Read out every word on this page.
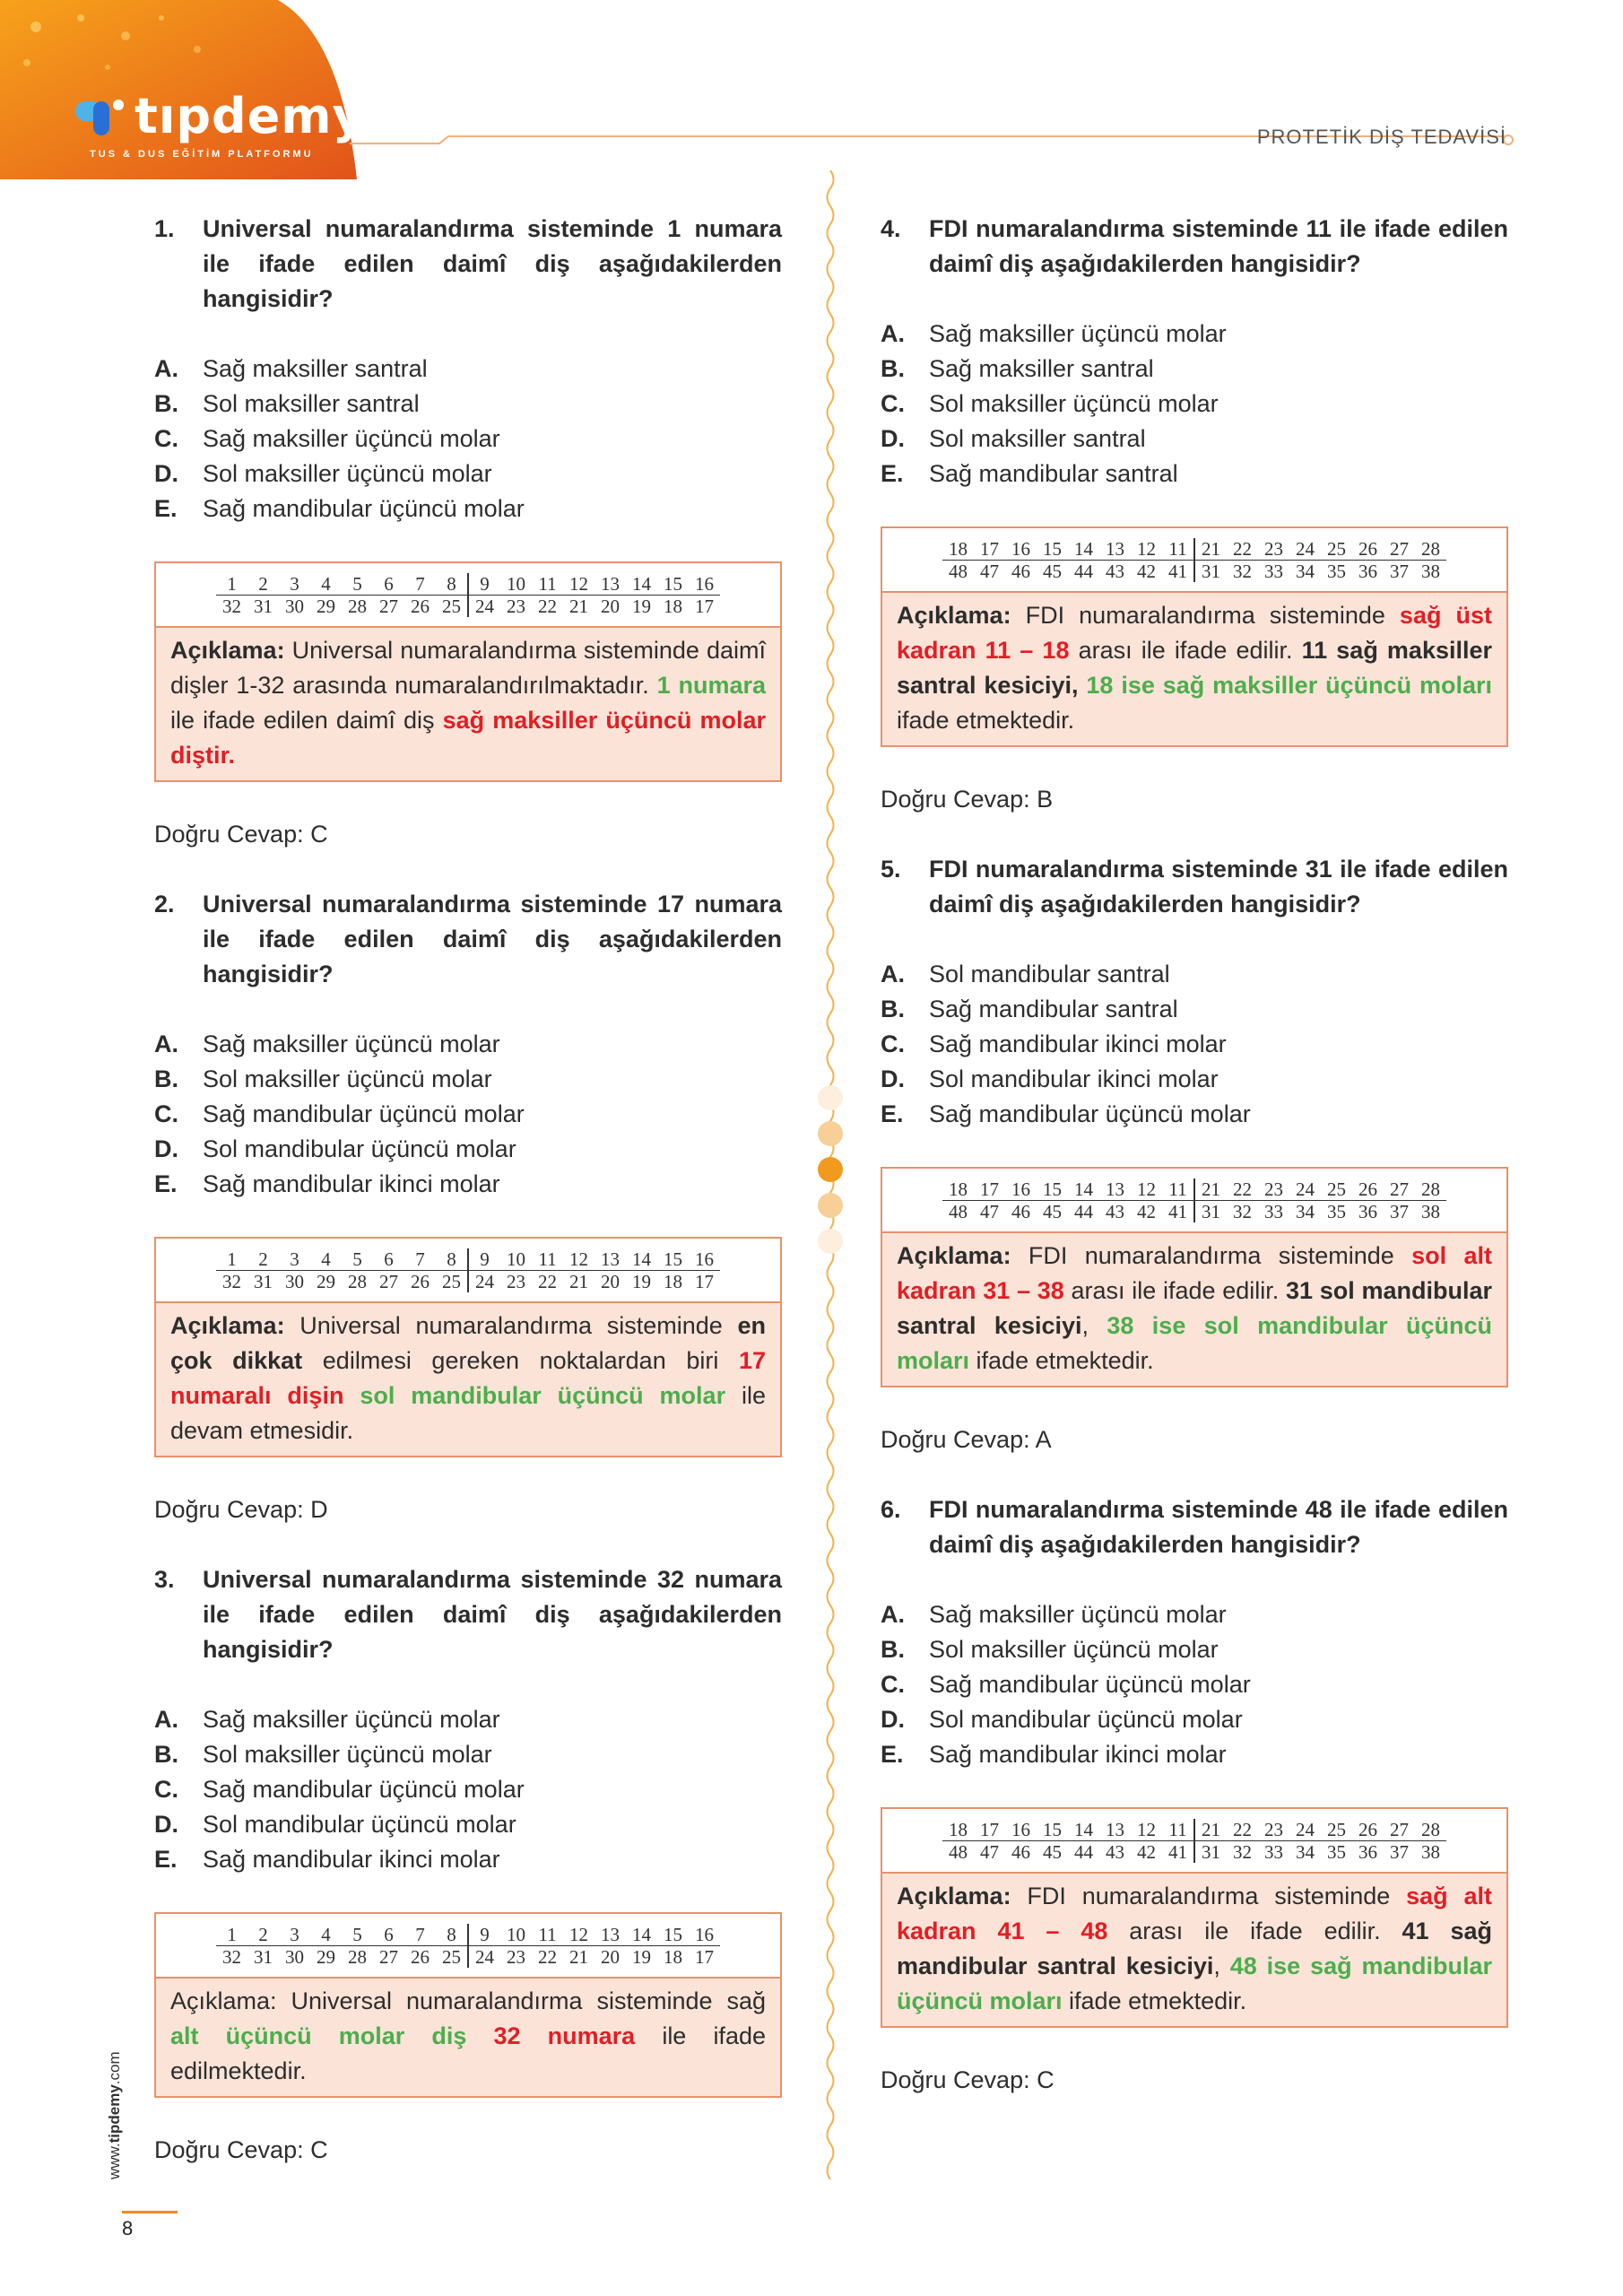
tıpdemy
TUS & DUS EĞİTİM PLATFORMU
PROTETİK DİŞ TEDAVİSİ
1.	Universal numaralandırma sisteminde 1 numara ile ifade edilen daimî diş aşağıdakilerden hangisidir?
A.	Sağ maksiller santral
B.	Sol maksiller santral
C.	Sağ maksiller üçüncü molar
D.	Sol maksiller üçüncü molar
E.	Sağ mandibular üçüncü molar
1	2	3	4	5	6	7	8	9 10 11 12 13 14 15 16
32 31 30 29 28 27 26 25 24 23 22 21 20 19 18 17
Açıklama: Universal numaralandırma sisteminde daimî dişler 1-32 arasında numaralandırılmaktadır. 1 numara ile ifade edilen daimî diş sağ maksiller üçüncü molar diştir.
Doğru Cevap: C
2.	Universal numaralandırma sisteminde 17 numara ile ifade edilen daimî diş aşağıdakilerden hangisidir?
A.	Sağ maksiller üçüncü molar
B.	Sol maksiller üçüncü molar
C.	Sağ mandibular üçüncü molar
D.	Sol mandibular üçüncü molar
E.	Sağ mandibular ikinci molar
1	2	3	4	5	6	7	8	9 10 11 12 13 14 15 16
32 31 30 29 28 27 26 25 24 23 22 21 20 19 18 17
Açıklama: Universal numaralandırma sisteminde en çok dikkat edilmesi gereken noktalardan biri 17 numaralı dişin sol mandibular üçüncü molar ile devam etmesidir.
Doğru Cevap: D
3.	Universal numaralandırma sisteminde 32 numara ile ifade edilen daimî diş aşağıdakilerden hangisidir?
A.	Sağ maksiller üçüncü molar
B.	Sol maksiller üçüncü molar
C.	Sağ mandibular üçüncü molar
D.	Sol mandibular üçüncü molar
E.	Sağ mandibular ikinci molar
1	2	3	4	5	6	7	8	9 10 11 12 13 14 15 16
32 31 30 29 28 27 26 25 24 23 22 21 20 19 18 17
Açıklama: Universal numaralandırma sisteminde sağ alt üçüncü molar diş 32 numara ile ifade edilmektedir.
Doğru Cevap: C
4.	FDI numaralandırma sisteminde 11 ile ifade edilen daimî diş aşağıdakilerden hangisidir?
A.	Sağ maksiller üçüncü molar
B.	Sağ maksiller santral
C.	Sol maksiller üçüncü molar
D.	Sol maksiller santral
E.	Sağ mandibular santral
18 17 16 15 14 13 12 11 21 22 23 24 25 26 27 28
48 47 46 45 44 43 42 41 31 32 33 34 35 36 37 38
Açıklama: FDI numaralandırma sisteminde sağ üst kadran 11 – 18 arası ile ifade edilir. 11 sağ maksiller santral kesiciyi, 18 ise sağ maksiller üçüncü moları ifade etmektedir.
Doğru Cevap: B
5.	FDI numaralandırma sisteminde 31 ile ifade edilen daimî diş aşağıdakilerden hangisidir?
A.	Sol mandibular santral
B.	Sağ mandibular santral
C.	Sağ mandibular ikinci molar
D.	Sol mandibular ikinci molar
E.	Sağ mandibular üçüncü molar
18 17 16 15 14 13 12 11 21 22 23 24 25 26 27 28
48 47 46 45 44 43 42 41 31 32 33 34 35 36 37 38
Açıklama: FDI numaralandırma sisteminde sol alt kadran 31 – 38 arası ile ifade edilir. 31 sol mandibular santral kesiciyi, 38 ise sol mandibular üçüncü moları ifade etmektedir.
Doğru Cevap: A
6.	FDI numaralandırma sisteminde 48 ile ifade edilen daimî diş aşağıdakilerden hangisidir?
A.	Sağ maksiller üçüncü molar
B.	Sol maksiller üçüncü molar
C.	Sağ mandibular üçüncü molar
D.	Sol mandibular üçüncü molar
E.	Sağ mandibular ikinci molar
18 17 16 15 14 13 12 11 21 22 23 24 25 26 27 28
48 47 46 45 44 43 42 41 31 32 33 34 35 36 37 38
Açıklama: FDI numaralandırma sisteminde sağ alt kadran 41 – 48 arası ile ifade edilir. 41 sağ mandibular santral kesiciyi, 48 ise sağ mandibular üçüncü moları ifade etmektedir.
Doğru Cevap: C
www.tipdemy.com
8
